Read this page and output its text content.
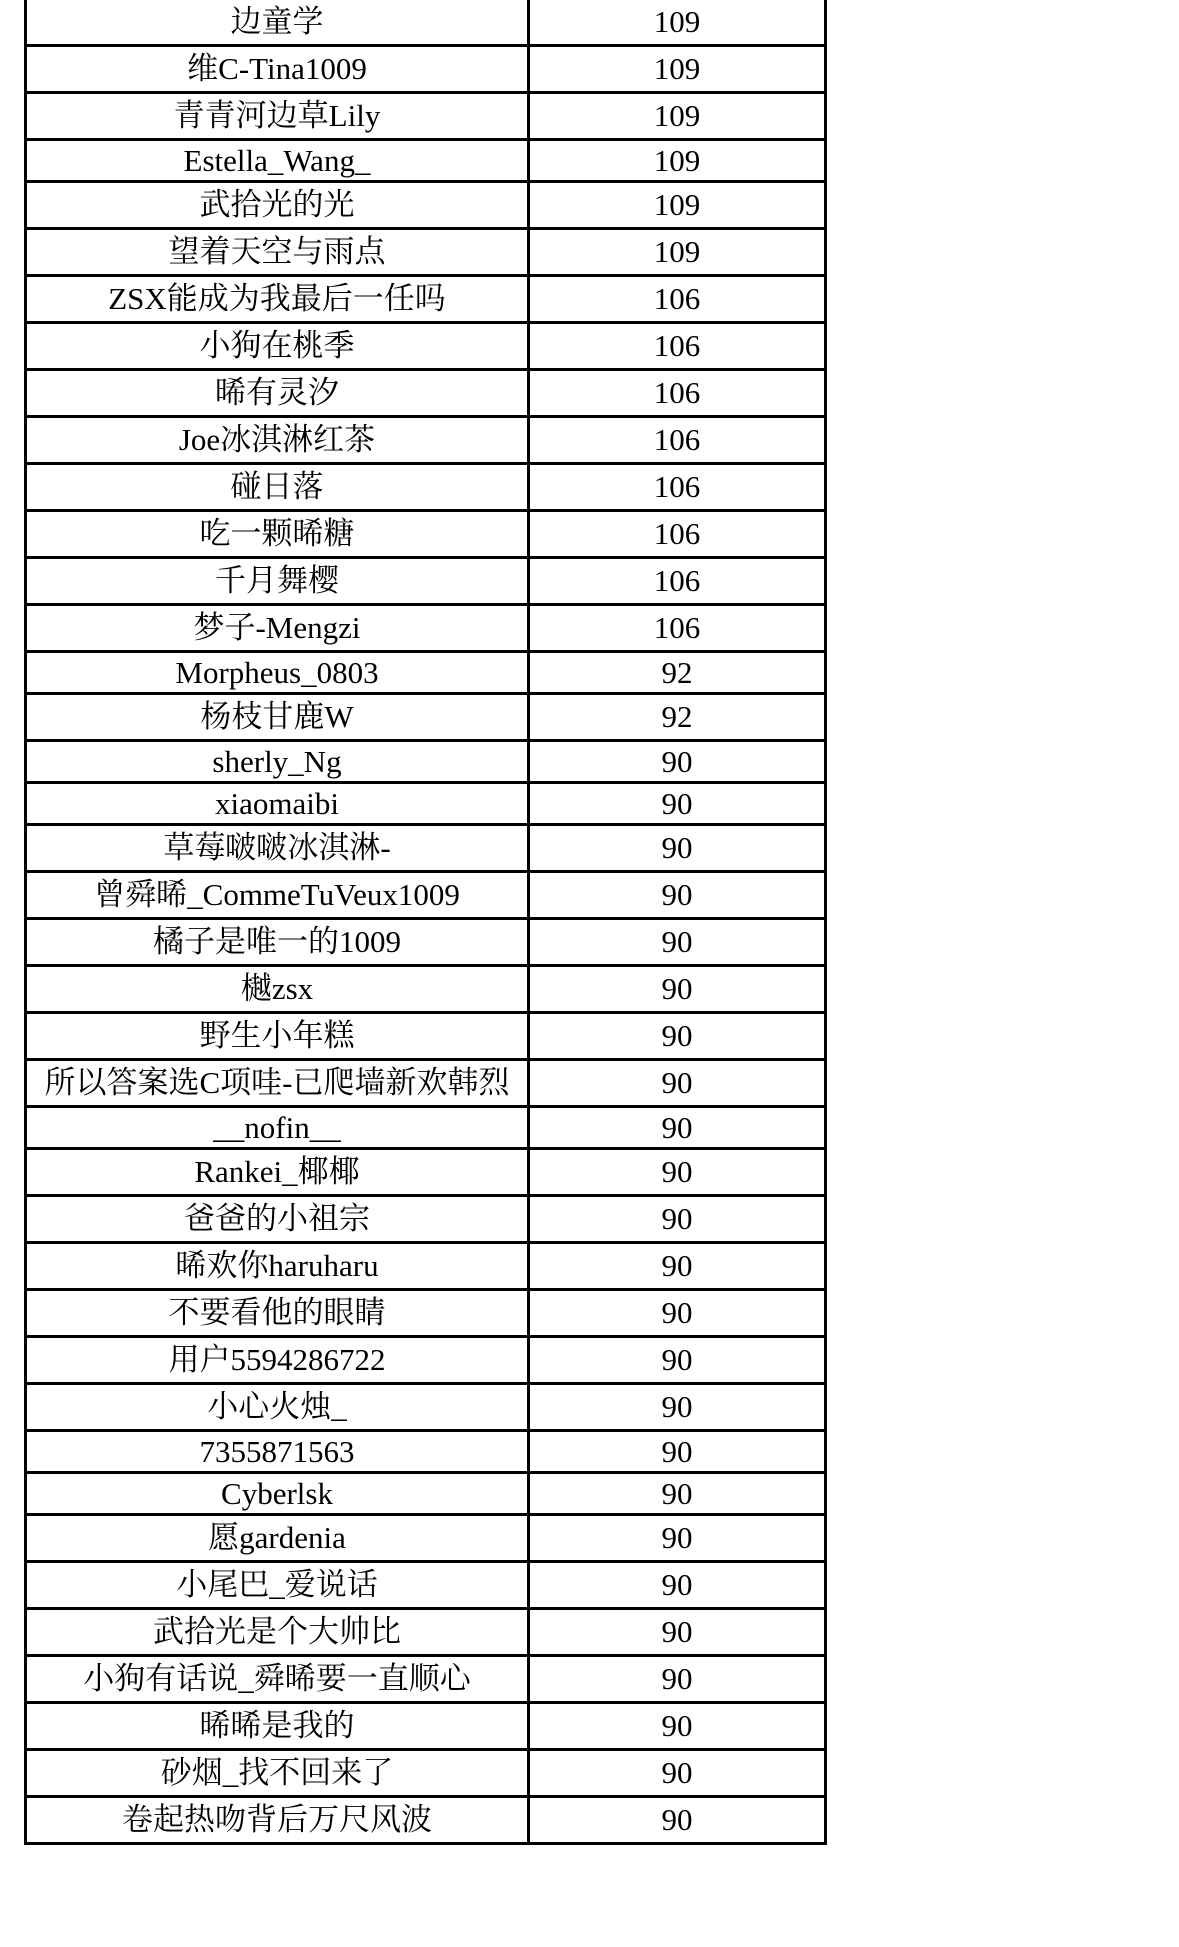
边童学	109
维C-Tina1009	109
青青河边草Lily	109
Estella_Wang_	109
武拾光的光	109
望着天空与雨点	109
ZSX能成为我最后一任吗	106
小狗在桃季	106
晞有灵汐	106
Joe冰淇淋红茶	106
碰日落	106
吃一颗晞糖	106
千月舞樱	106
梦子-Mengzi	106
Morpheus_0803	92
杨枝甘鹿W	92
sherly_Ng	90
xiaomaibi	90
草莓啵啵冰淇淋-	90
曾舜晞_CommeTuVeux1009	90
橘子是唯一的1009	90
樾zsx	90
野生小年糕	90
所以答案选C项哇-已爬墙新欢韩烈	90
__nofin__	90
Rankei_椰椰	90
爸爸的小祖宗	90
晞欢你haruharu	90
不要看他的眼睛	90
用户5594286722	90
小心火烛_	90
7355871563	90
Cyberlsk	90
愿gardenia	90
小尾巴_爱说话	90
武拾光是个大帅比	90
小狗有话说_舜晞要一直顺心	90
晞晞是我的	90
砂烟_找不回来了	90
卷起热吻背后万尺风波	90
